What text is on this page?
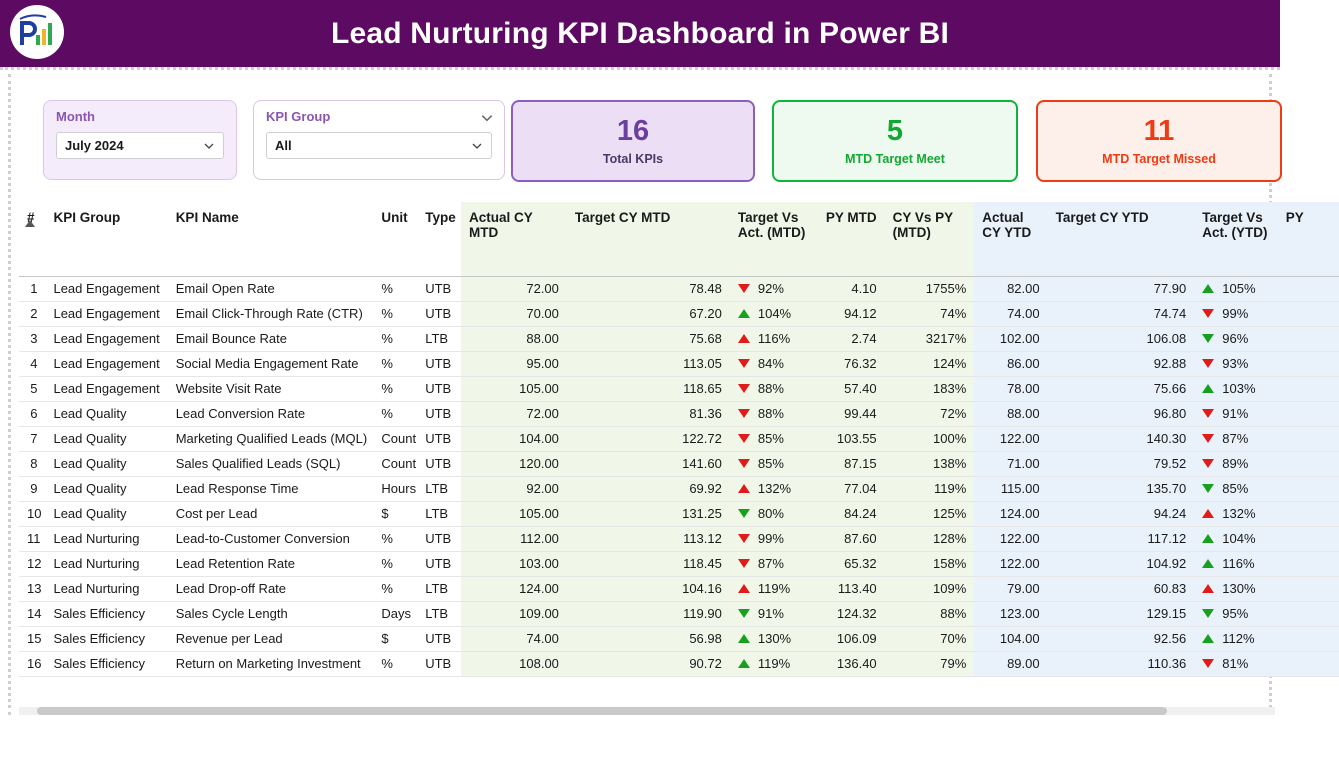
Lead Nurturing KPI Dashboard in Power BI
Month
July 2024
KPI Group
All	16
Total KPIs
5
MTD Target Meet
11
MTD Target Missed
#	KPI Group	KPI Name	Unit	Type	Actual CY MTD	Target CY MTD	Target Vs Act. (MTD)	PY MTD	CY Vs PY (MTD)	Actual CY YTD	Target CY YTD	Target Vs Act. (YTD)	PY
1	Lead Engagement	Email Open Rate	%	UTB	72.00	78.48	92%	4.10	1755%	82.00	77.90	105%	

2	Lead Engagement	Email Click-Through Rate (CTR)	%	UTB	70.00	67.20	104%	94.12	74%	74.00	74.74	99%	

3	Lead Engagement	Email Bounce Rate	%	LTB	88.00	75.68	116%	2.74	3217%	102.00	106.08	96%	

4	Lead Engagement	Social Media Engagement Rate	%	UTB	95.00	113.05	84%	76.32	124%	86.00	92.88	93%	

5	Lead Engagement	Website Visit Rate	%	UTB	105.00	118.65	88%	57.40	183%	78.00	75.66	103%	

6	Lead Quality	Lead Conversion Rate	%	UTB	72.00	81.36	88%	99.44	72%	88.00	96.80	91%	

7	Lead Quality	Marketing Qualified Leads (MQL)	Count	UTB	104.00	122.72	85%	103.55	100%	122.00	140.30	87%	

8	Lead Quality	Sales Qualified Leads (SQL)	Count	UTB	120.00	141.60	85%	87.15	138%	71.00	79.52	89%	

9	Lead Quality	Lead Response Time	Hours	LTB	92.00	69.92	132%	77.04	119%	115.00	135.70	85%	

10	Lead Quality	Cost per Lead	$	LTB	105.00	131.25	80%	84.24	125%	124.00	94.24	132%	

11	Lead Nurturing	Lead-to-Customer Conversion	%	UTB	112.00	113.12	99%	87.60	128%	122.00	117.12	104%	

12	Lead Nurturing	Lead Retention Rate	%	UTB	103.00	118.45	87%	65.32	158%	122.00	104.92	116%	

13	Lead Nurturing	Lead Drop-off Rate	%	LTB	124.00	104.16	119%	113.40	109%	79.00	60.83	130%	

14	Sales Efficiency	Sales Cycle Length	Days	LTB	109.00	119.90	91%	124.32	88%	123.00	129.15	95%	

15	Sales Efficiency	Revenue per Lead	$	UTB	74.00	56.98	130%	106.09	70%	104.00	92.56	112%	

16	Sales Efficiency	Return on Marketing Investment	%	UTB	108.00	90.72	119%	136.40	79%	89.00	110.36	81%	
